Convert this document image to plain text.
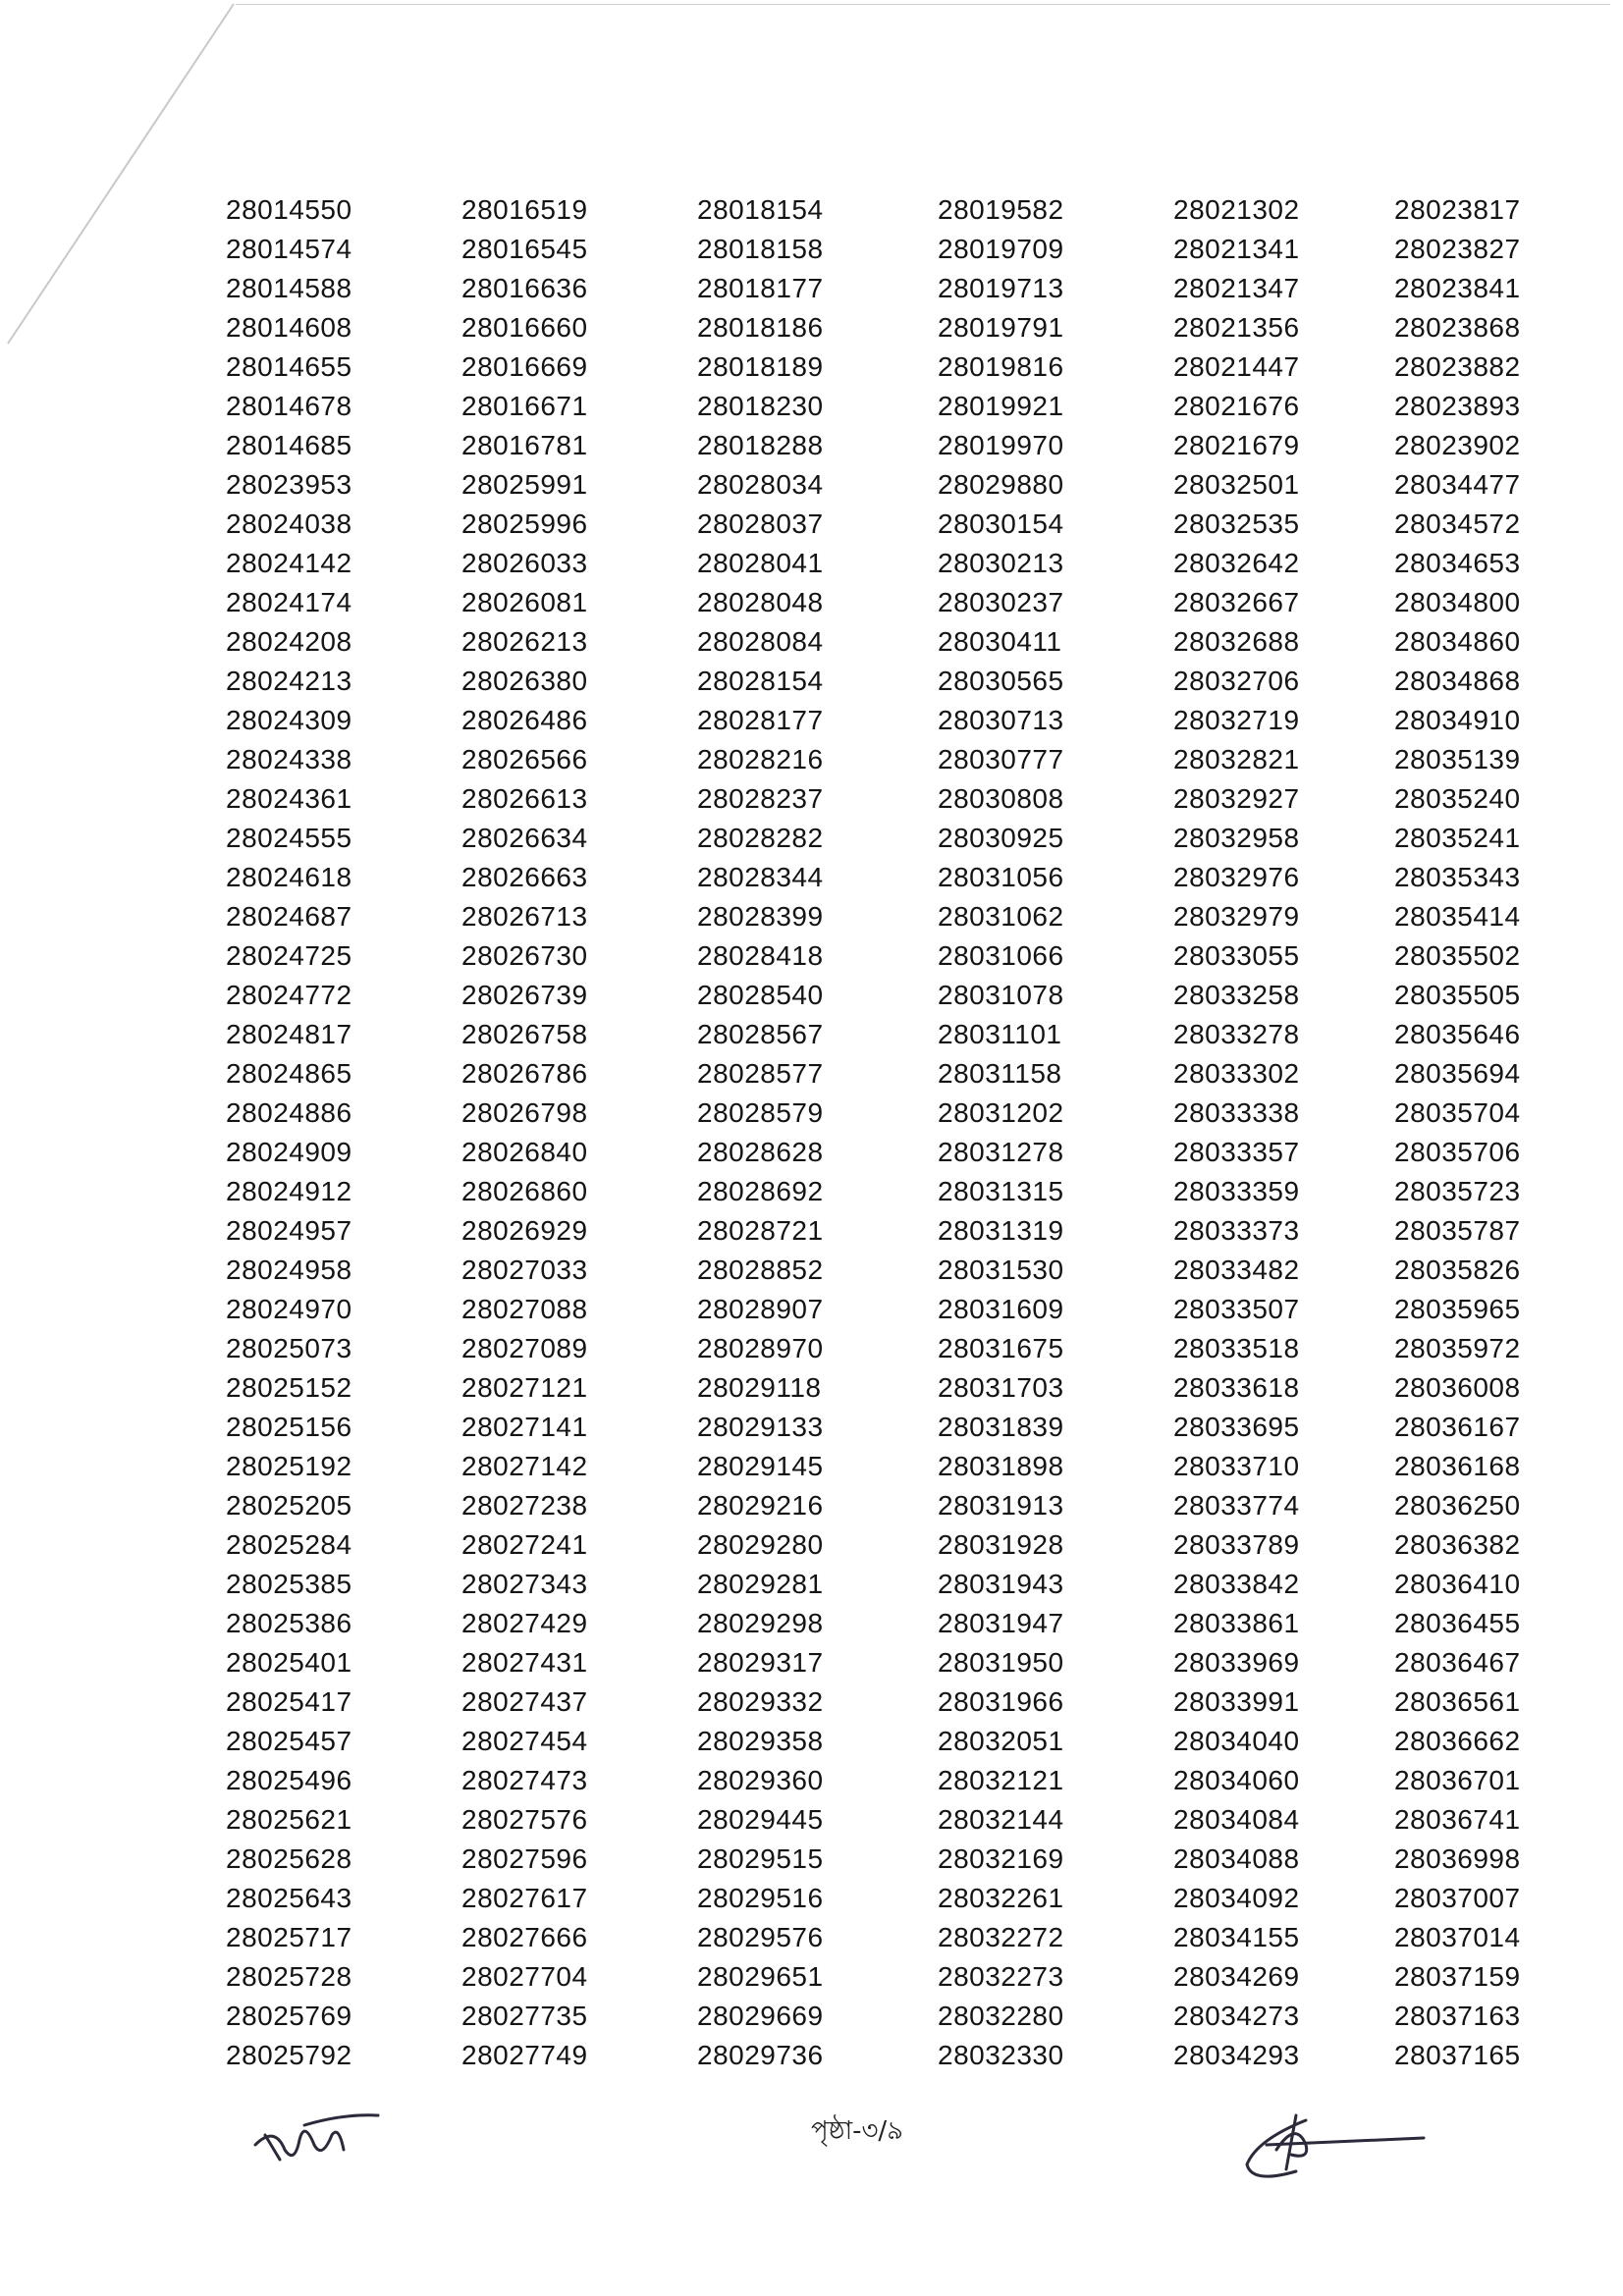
28014550
28014574
28014588
28014608
28014655
28014678
28014685
28023953
28024038
28024142
28024174
28024208
28024213
28024309
28024338
28024361
28024555
28024618
28024687
28024725
28024772
28024817
28024865
28024886
28024909
28024912
28024957
28024958
28024970
28025073
28025152
28025156
28025192
28025205
28025284
28025385
28025386
28025401
28025417
28025457
28025496
28025621
28025628
28025643
28025717
28025728
28025769
28025792
28016519
28016545
28016636
28016660
28016669
28016671
28016781
28025991
28025996
28026033
28026081
28026213
28026380
28026486
28026566
28026613
28026634
28026663
28026713
28026730
28026739
28026758
28026786
28026798
28026840
28026860
28026929
28027033
28027088
28027089
28027121
28027141
28027142
28027238
28027241
28027343
28027429
28027431
28027437
28027454
28027473
28027576
28027596
28027617
28027666
28027704
28027735
28027749
28018154
28018158
28018177
28018186
28018189
28018230
28018288
28028034
28028037
28028041
28028048
28028084
28028154
28028177
28028216
28028237
28028282
28028344
28028399
28028418
28028540
28028567
28028577
28028579
28028628
28028692
28028721
28028852
28028907
28028970
28029118
28029133
28029145
28029216
28029280
28029281
28029298
28029317
28029332
28029358
28029360
28029445
28029515
28029516
28029576
28029651
28029669
28029736
28019582
28019709
28019713
28019791
28019816
28019921
28019970
28029880
28030154
28030213
28030237
28030411
28030565
28030713
28030777
28030808
28030925
28031056
28031062
28031066
28031078
28031101
28031158
28031202
28031278
28031315
28031319
28031530
28031609
28031675
28031703
28031839
28031898
28031913
28031928
28031943
28031947
28031950
28031966
28032051
28032121
28032144
28032169
28032261
28032272
28032273
28032280
28032330
28021302
28021341
28021347
28021356
28021447
28021676
28021679
28032501
28032535
28032642
28032667
28032688
28032706
28032719
28032821
28032927
28032958
28032976
28032979
28033055
28033258
28033278
28033302
28033338
28033357
28033359
28033373
28033482
28033507
28033518
28033618
28033695
28033710
28033774
28033789
28033842
28033861
28033969
28033991
28034040
28034060
28034084
28034088
28034092
28034155
28034269
28034273
28034293
28023817
28023827
28023841
28023868
28023882
28023893
28023902
28034477
28034572
28034653
28034800
28034860
28034868
28034910
28035139
28035240
28035241
28035343
28035414
28035502
28035505
28035646
28035694
28035704
28035706
28035723
28035787
28035826
28035965
28035972
28036008
28036167
28036168
28036250
28036382
28036410
28036455
28036467
28036561
28036662
28036701
28036741
28036998
28037007
28037014
28037159
28037163
28037165
পৃষ্ঠা-৩/৯
